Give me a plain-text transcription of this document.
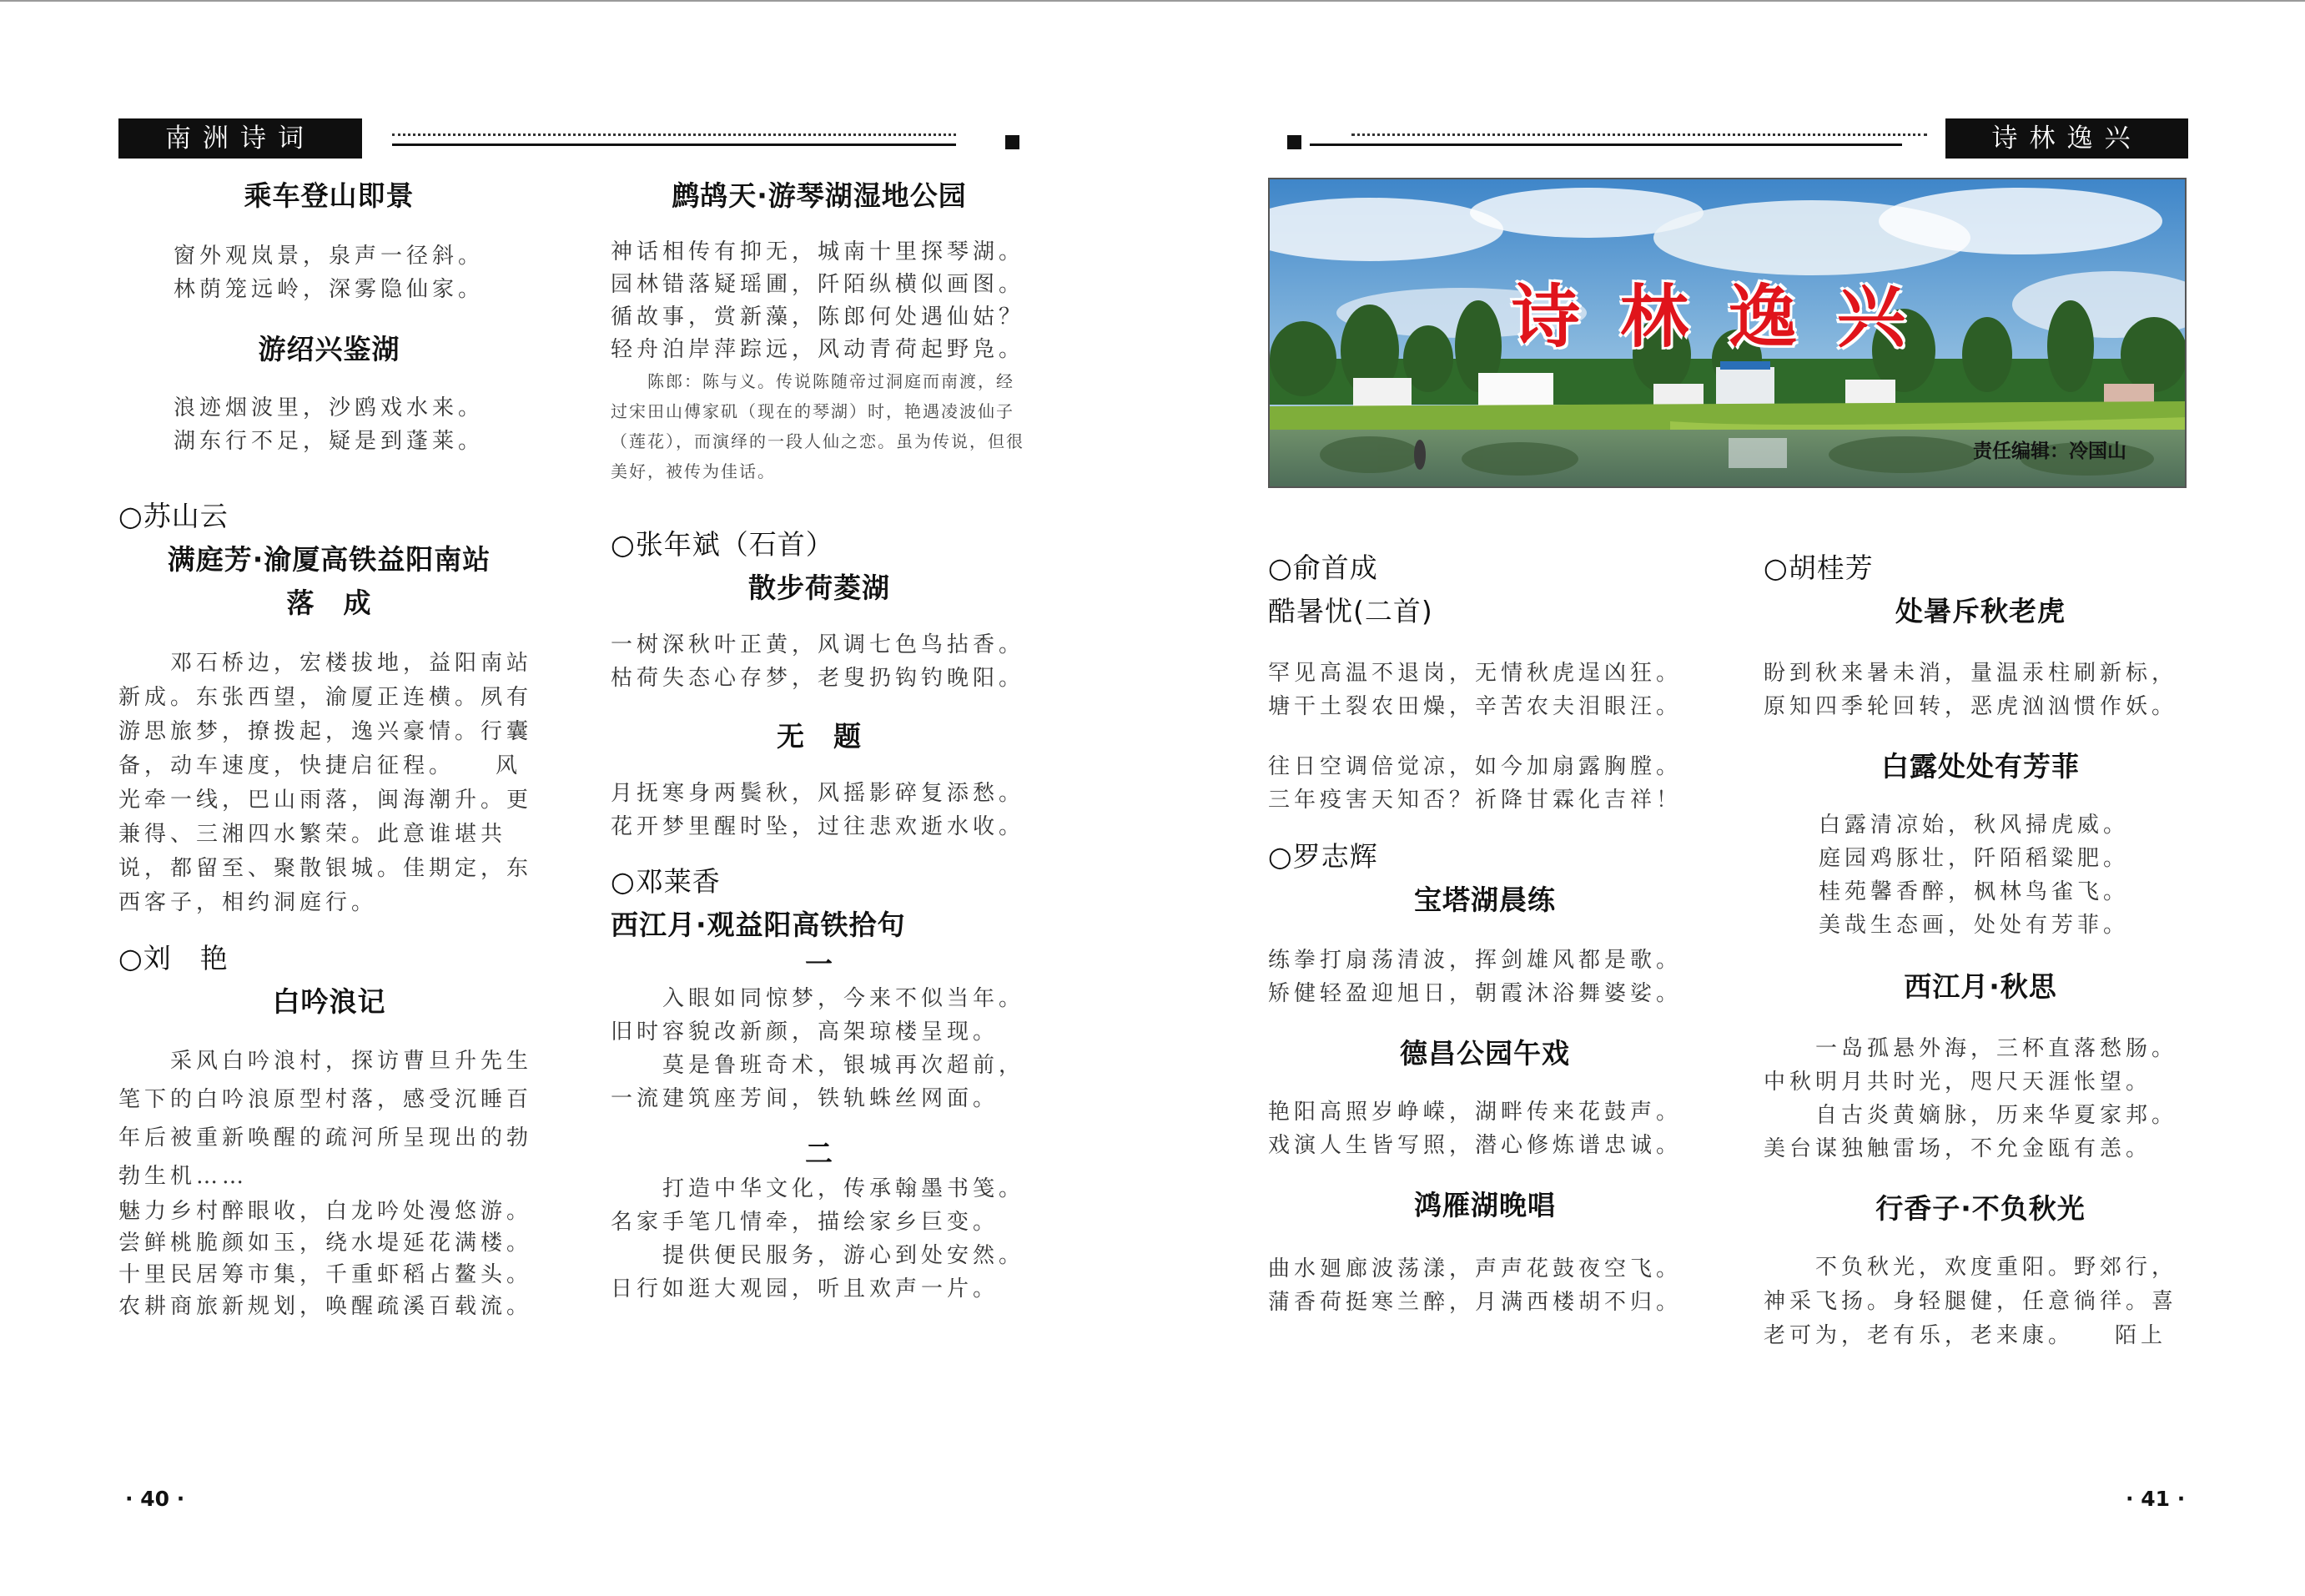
南洲诗词

乘车登山即景

窗外观岚景，泉声一径斜。

林荫笼远岭，深雾隐仙家。

游绍兴鉴湖

浪迹烟波里，沙鸥戏水来。

湖东行不足，疑是到蓬莱。

○苏山云

满庭芳·渝厦高铁益阳南站

落　成

　　邓石桥边，宏楼拔地，益阳南站新成。东张西望，渝厦正连横。夙有游思旅梦，撩拨起，逸兴豪情。行囊备，动车速度，快捷启征程。　　风光牵一线，巴山雨落，闽海潮升。更兼得、三湘四水繁荣。此意谁堪共说，都留至、聚散银城。佳期定，东西客子，相约洞庭行。

○刘　艳

白吟浪记

　　采风白吟浪村，探访曹旦升先生笔下的白吟浪原型村落，感受沉睡百年后被重新唤醒的疏河所呈现出的勃勃生机……

魅力乡村醉眼收，白龙吟处漫悠游。

尝鲜桃脆颜如玉，绕水堤延花满楼。

十里民居筹市集，千重虾稻占鳌头。

农耕商旅新规划，唤醒疏溪百载流。

鹧鸪天·游琴湖湿地公园

神话相传有抑无，城南十里探琴湖。

园林错落疑瑶圃，阡陌纵横似画图。

循故事，赏新藻，陈郎何处遇仙姑？

轻舟泊岸萍踪远，风动青荷起野凫。

　　陈郎：陈与义。传说陈随帝过洞庭而南渡，经过宋田山傅家矶（现在的琴湖）时，艳遇凌波仙子（莲花），而演绎的一段人仙之恋。虽为传说，但很美好，被传为佳话。

○张年斌（石首）

散步荷菱湖

一树深秋叶正黄，风调七色鸟拈香。

枯荷失态心存梦，老叟扔钩钓晚阳。

无　题

月抚寒身两鬓秋，风摇影碎复添愁。

花开梦里醒时坠，过往悲欢逝水收。

○邓莱香

西江月·观益阳高铁拾句

一

　　入眼如同惊梦，今来不似当年。

旧时容貌改新颜，高架琼楼呈现。

　　莫是鲁班奇术，银城再次超前，

一流建筑座芳间，铁轨蛛丝网面。

二

　　打造中华文化，传承翰墨书笺。

名家手笔几情牵，描绘家乡巨变。

　　提供便民服务，游心到处安然。

日行如逛大观园，听且欢声一片。

· 40 ·
诗林逸兴
诗林逸兴
责任编辑：冷国山

○俞首成

酷暑忧(二首)

罕见高温不退岗，无情秋虎逞凶狂。

塘干土裂农田燥，辛苦农夫泪眼汪。

往日空调倍觉凉，如今加扇露胸膛。

三年疫害天知否？祈降甘霖化吉祥！

○罗志辉

宝塔湖晨练

练拳打扇荡清波，挥剑雄风都是歌。

矫健轻盈迎旭日，朝霞沐浴舞婆娑。

德昌公园午戏

艳阳高照岁峥嵘，湖畔传来花鼓声。

戏演人生皆写照，潜心修炼谱忠诚。

鸿雁湖晚唱

曲水廻廊波荡漾，声声花鼓夜空飞。

蒲香荷挺寒兰醉，月满西楼胡不归。

○胡桂芳

处暑斥秋老虎

盼到秋来暑未消，量温汞柱刷新标，

原知四季轮回转，恶虎汹汹惯作妖。

白露处处有芳菲

白露清凉始，秋风掃虎威。

庭园鸡豚壮，阡陌稻粱肥。

桂苑馨香醉，枫林鸟雀飞。

美哉生态画，处处有芳菲。

西江月·秋思

　　一岛孤悬外海，三杯直落愁肠。

中秋明月共时光，咫尺天涯怅望。

　　自古炎黄嫡脉，历来华夏家邦。

美台谋独触雷场，不允金瓯有恙。

行香子·不负秋光

　　不负秋光，欢度重阳。野郊行，神采飞扬。身轻腿健，任意徜徉。喜老可为，老有乐，老来康。　　陌上

· 41 ·
